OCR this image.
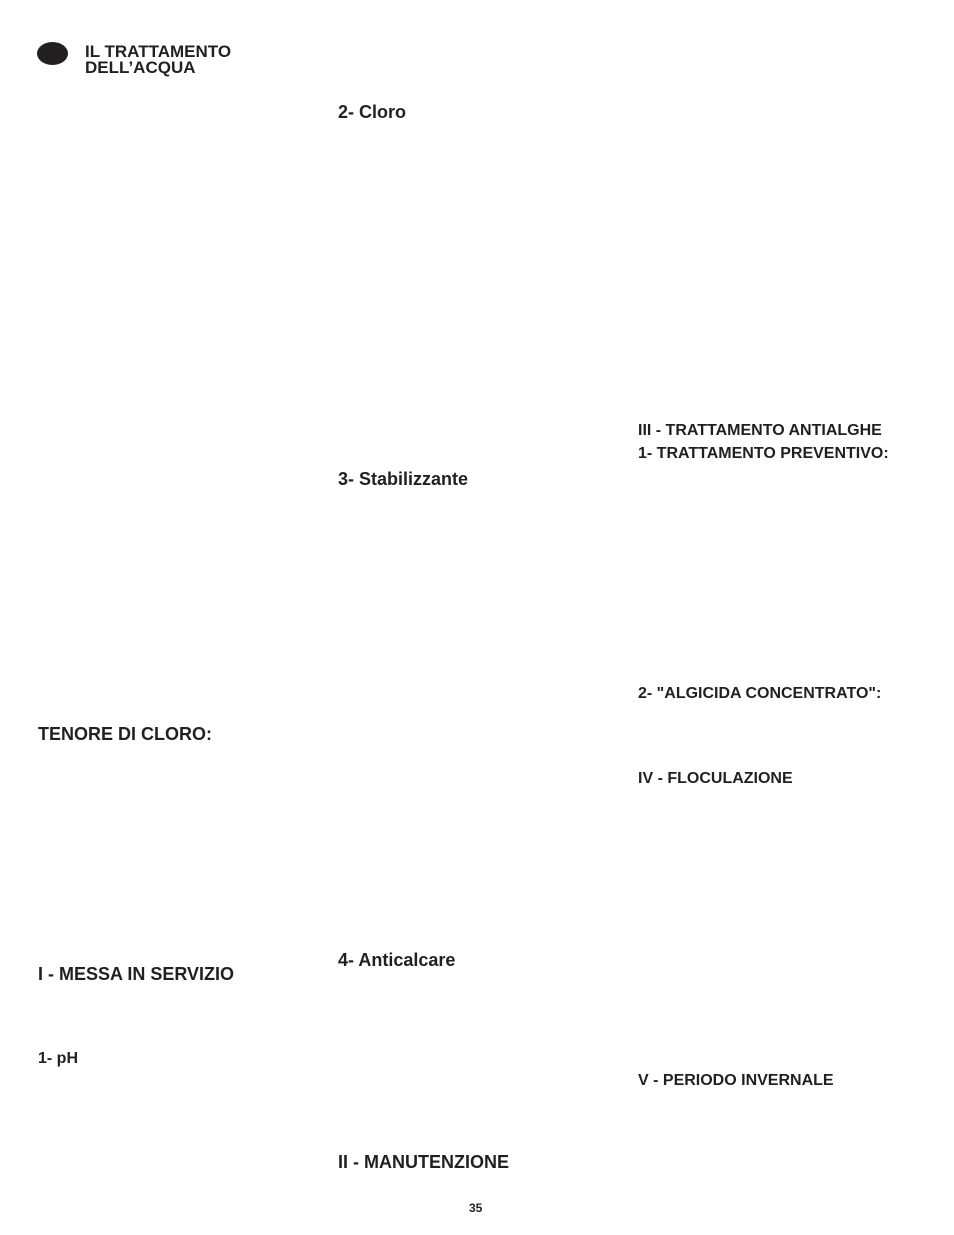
IL TRATTAMENTO
DELL’ACQUA
TENORE DI CLORO:
I - MESSA IN SERVIZIO
1- pH
2- Cloro
3- Stabilizzante
4- Anticalcare
II - MANUTENZIONE
III - TRATTAMENTO ANTIALGHE
1- TRATTAMENTO PREVENTIVO:
2- "ALGICIDA CONCENTRATO":
IV - FLOCULAZIONE
V - PERIODO INVERNALE
35
